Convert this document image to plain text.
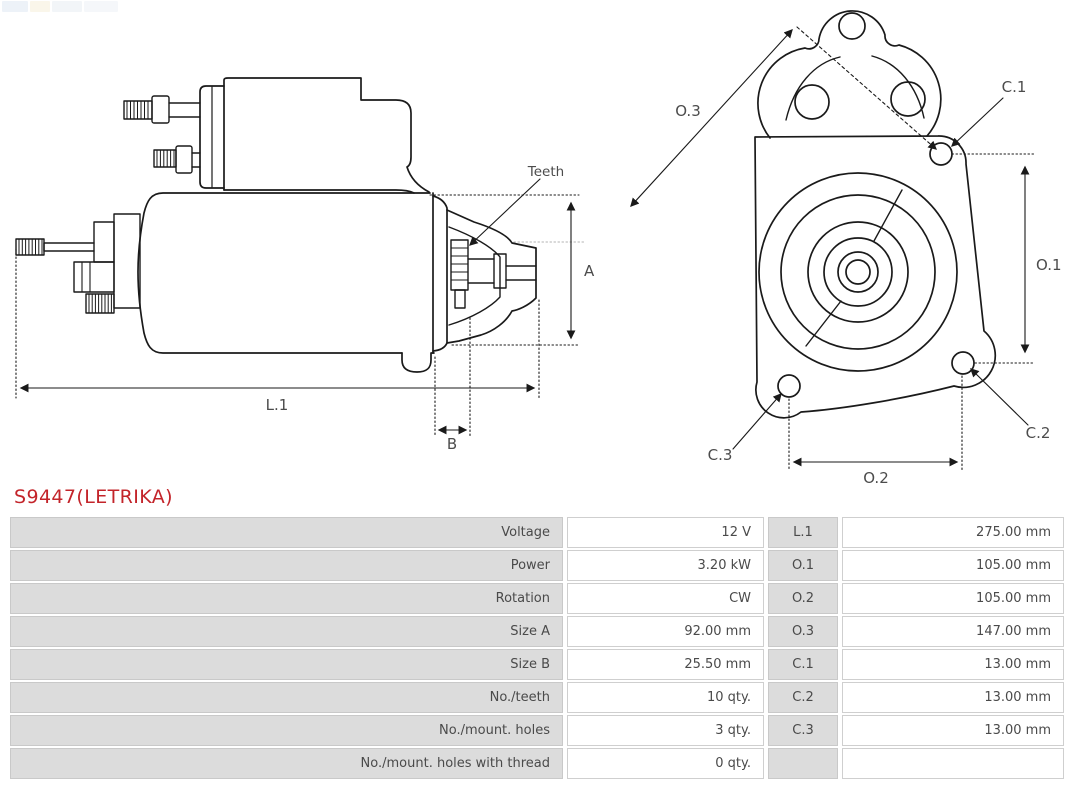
Teeth
A
L.1
B
O.3
C.1
O.1
O.2
C.2
C.3
S9447(LETRIKA)
Voltage	12 V	L.1	275.00 mm
Power	3.20 kW	O.1	105.00 mm
Rotation	CW	O.2	105.00 mm
Size A	92.00 mm	O.3	147.00 mm
Size B	25.50 mm	C.1	13.00 mm
No./teeth	10 qty.	C.2	13.00 mm
No./mount. holes	3 qty.	C.3	13.00 mm
No./mount. holes with thread	0 qty.
